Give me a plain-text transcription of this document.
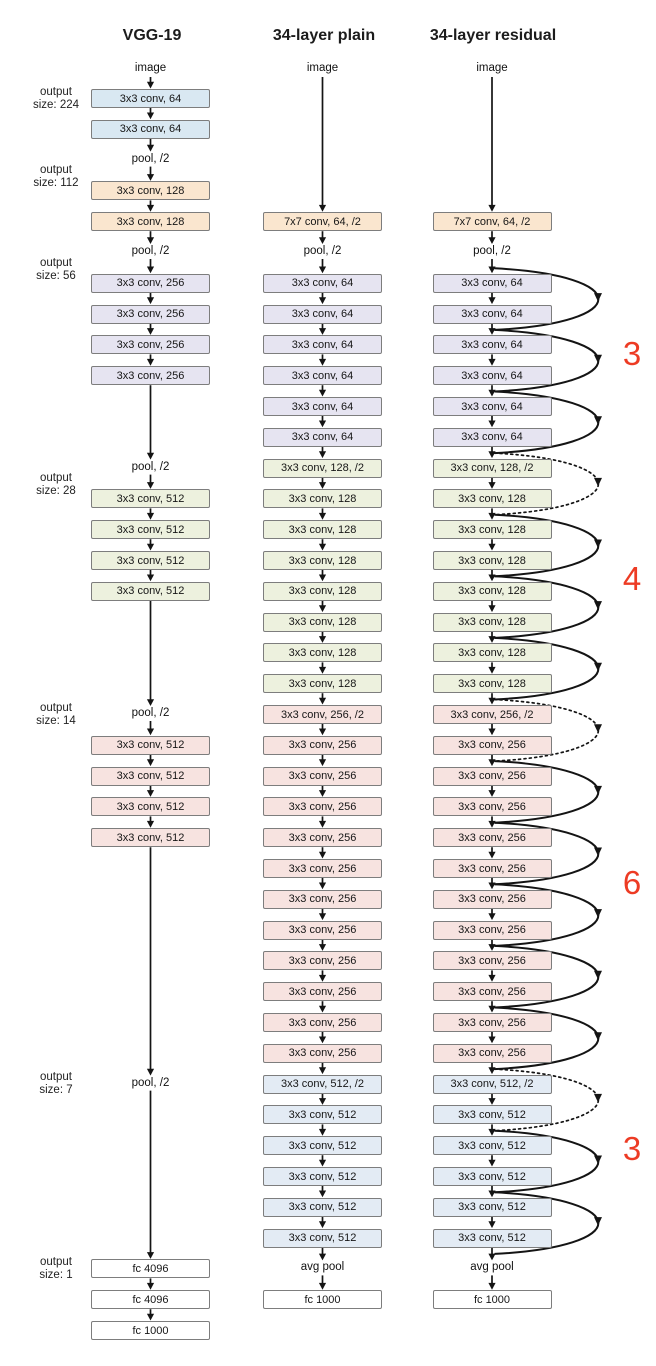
VGG-19	34-layer plain	34-layer residual
image
3x3 conv, 64
3x3 conv, 64
pool, /2
3x3 conv, 128
3x3 conv, 128
pool, /2
3x3 conv, 256
3x3 conv, 256
3x3 conv, 256
3x3 conv, 256
pool, /2
3x3 conv, 512
3x3 conv, 512
3x3 conv, 512
3x3 conv, 512
pool, /2
3x3 conv, 512
3x3 conv, 512
3x3 conv, 512
3x3 conv, 512
pool, /2
fc 4096
fc 4096
fc 1000
image
7x7 conv, 64, /2
pool, /2
3x3 conv, 64
3x3 conv, 64
3x3 conv, 64
3x3 conv, 64
3x3 conv, 64
3x3 conv, 64
3x3 conv, 128, /2
3x3 conv, 128
3x3 conv, 128
3x3 conv, 128
3x3 conv, 128
3x3 conv, 128
3x3 conv, 128
3x3 conv, 128
3x3 conv, 256, /2
3x3 conv, 256
3x3 conv, 256
3x3 conv, 256
3x3 conv, 256
3x3 conv, 256
3x3 conv, 256
3x3 conv, 256
3x3 conv, 256
3x3 conv, 256
3x3 conv, 256
3x3 conv, 256
3x3 conv, 512, /2
3x3 conv, 512
3x3 conv, 512
3x3 conv, 512
3x3 conv, 512
3x3 conv, 512
avg pool
fc 1000
image
7x7 conv, 64, /2
pool, /2
3x3 conv, 64
3x3 conv, 64
3x3 conv, 64
3x3 conv, 64
3x3 conv, 64
3x3 conv, 64
3x3 conv, 128, /2
3x3 conv, 128
3x3 conv, 128
3x3 conv, 128
3x3 conv, 128
3x3 conv, 128
3x3 conv, 128
3x3 conv, 128
3x3 conv, 256, /2
3x3 conv, 256
3x3 conv, 256
3x3 conv, 256
3x3 conv, 256
3x3 conv, 256
3x3 conv, 256
3x3 conv, 256
3x3 conv, 256
3x3 conv, 256
3x3 conv, 256
3x3 conv, 256
3x3 conv, 512, /2
3x3 conv, 512
3x3 conv, 512
3x3 conv, 512
3x3 conv, 512
3x3 conv, 512
avg pool
fc 1000
3
4
6
3
output
size: 224
output
size: 112
output
size: 56
output
size: 28
output
size: 14
output
size: 7
output
size: 1
